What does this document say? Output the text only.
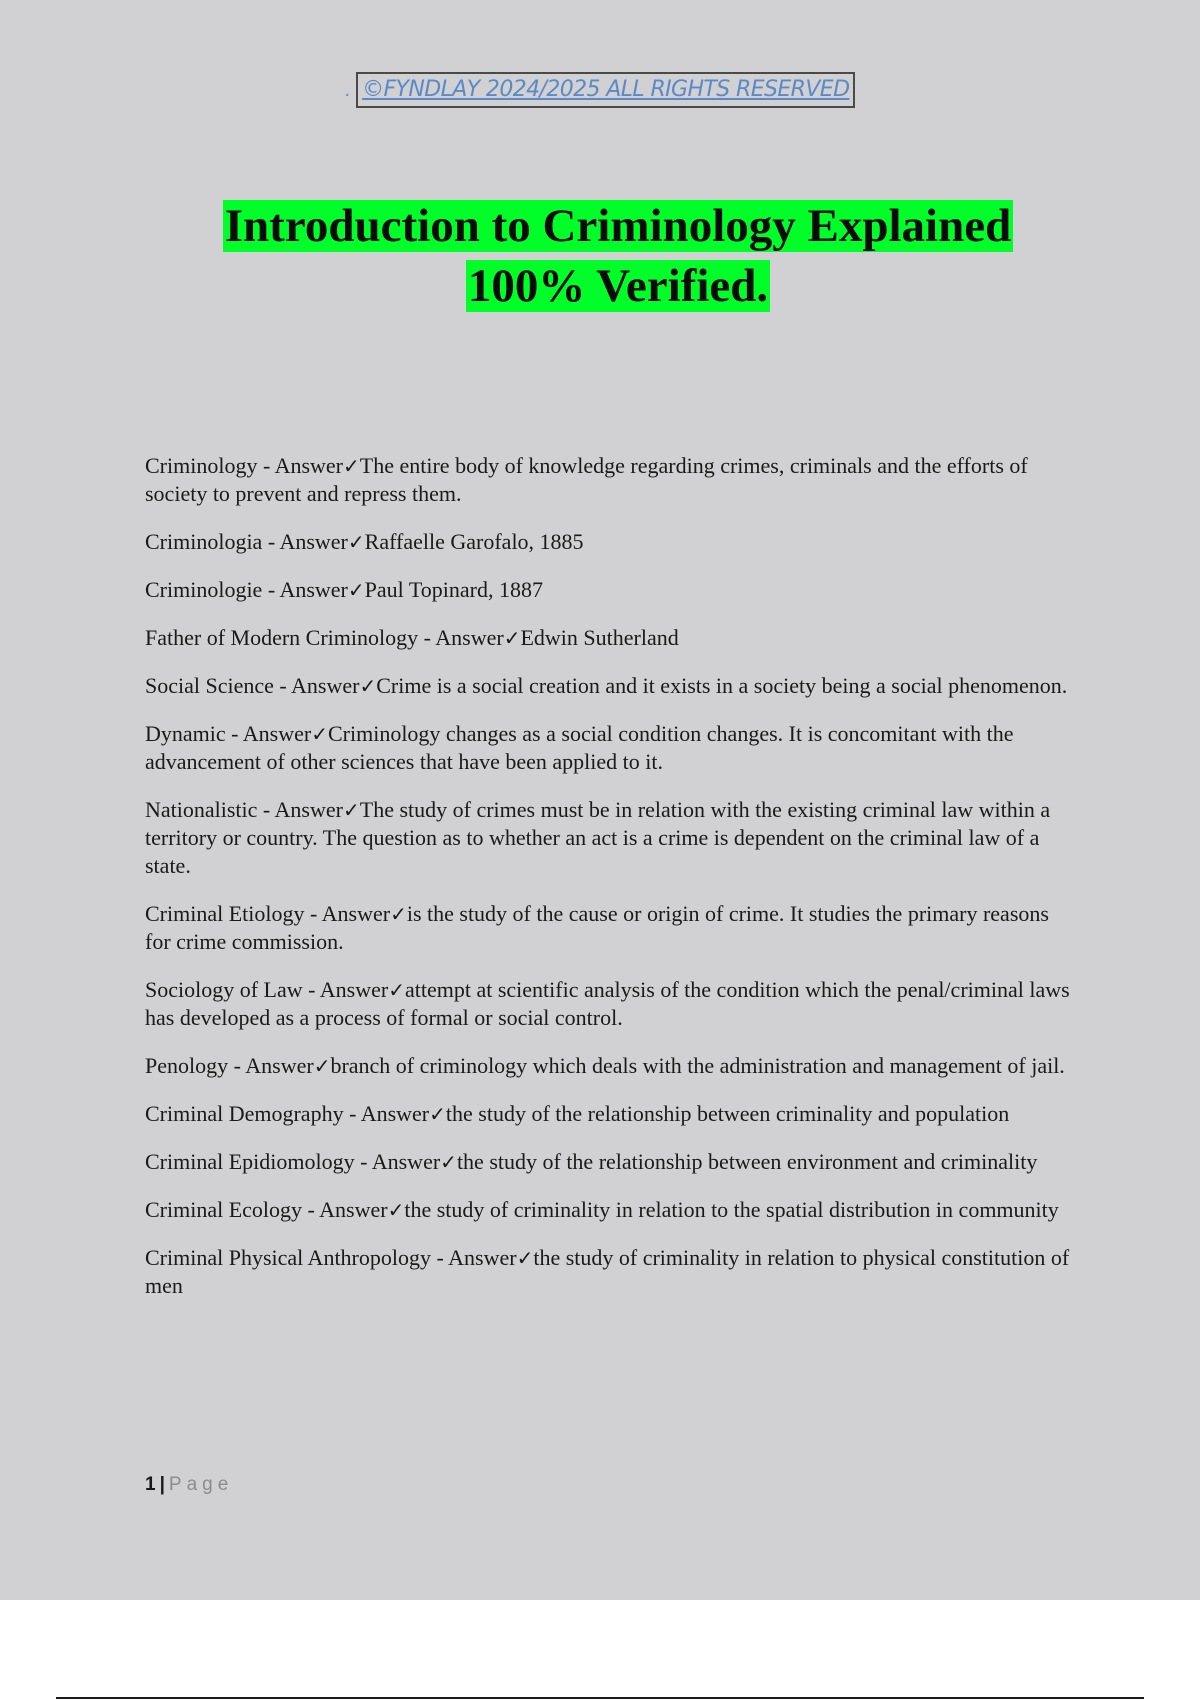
. ©FYNDLAY 2024/2025 ALL RIGHTS RESERVED
Introduction to Criminology Explained
100% Verified.

Criminology - Answer✓The entire body of knowledge regarding crimes, criminals and the efforts of society to prevent and repress them.

Criminologia - Answer✓Raffaelle Garofalo, 1885

Criminologie - Answer✓Paul Topinard, 1887

Father of Modern Criminology - Answer✓Edwin Sutherland

Social Science - Answer✓Crime is a social creation and it exists in a society being a social phenomenon.

Dynamic - Answer✓Criminology changes as a social condition changes. It is concomitant with the advancement of other sciences that have been applied to it.

Nationalistic - Answer✓The study of crimes must be in relation with the existing criminal law within a territory or country. The question as to whether an act is a crime is dependent on the criminal law of a state.

Criminal Etiology - Answer✓is the study of the cause or origin of crime. It studies the primary reasons for crime commission.

Sociology of Law - Answer✓attempt at scientific analysis of the condition which the penal/criminal laws has developed as a process of formal or social control.

Penology - Answer✓branch of criminology which deals with the administration and management of jail.

Criminal Demography - Answer✓the study of the relationship between criminality and population

Criminal Epidiomology - Answer✓the study of the relationship between environment and criminality

Criminal Ecology - Answer✓the study of criminality in relation to the spatial distribution in community

Criminal Physical Anthropology - Answer✓the study of criminality in relation to physical constitution of men

1 | Page
